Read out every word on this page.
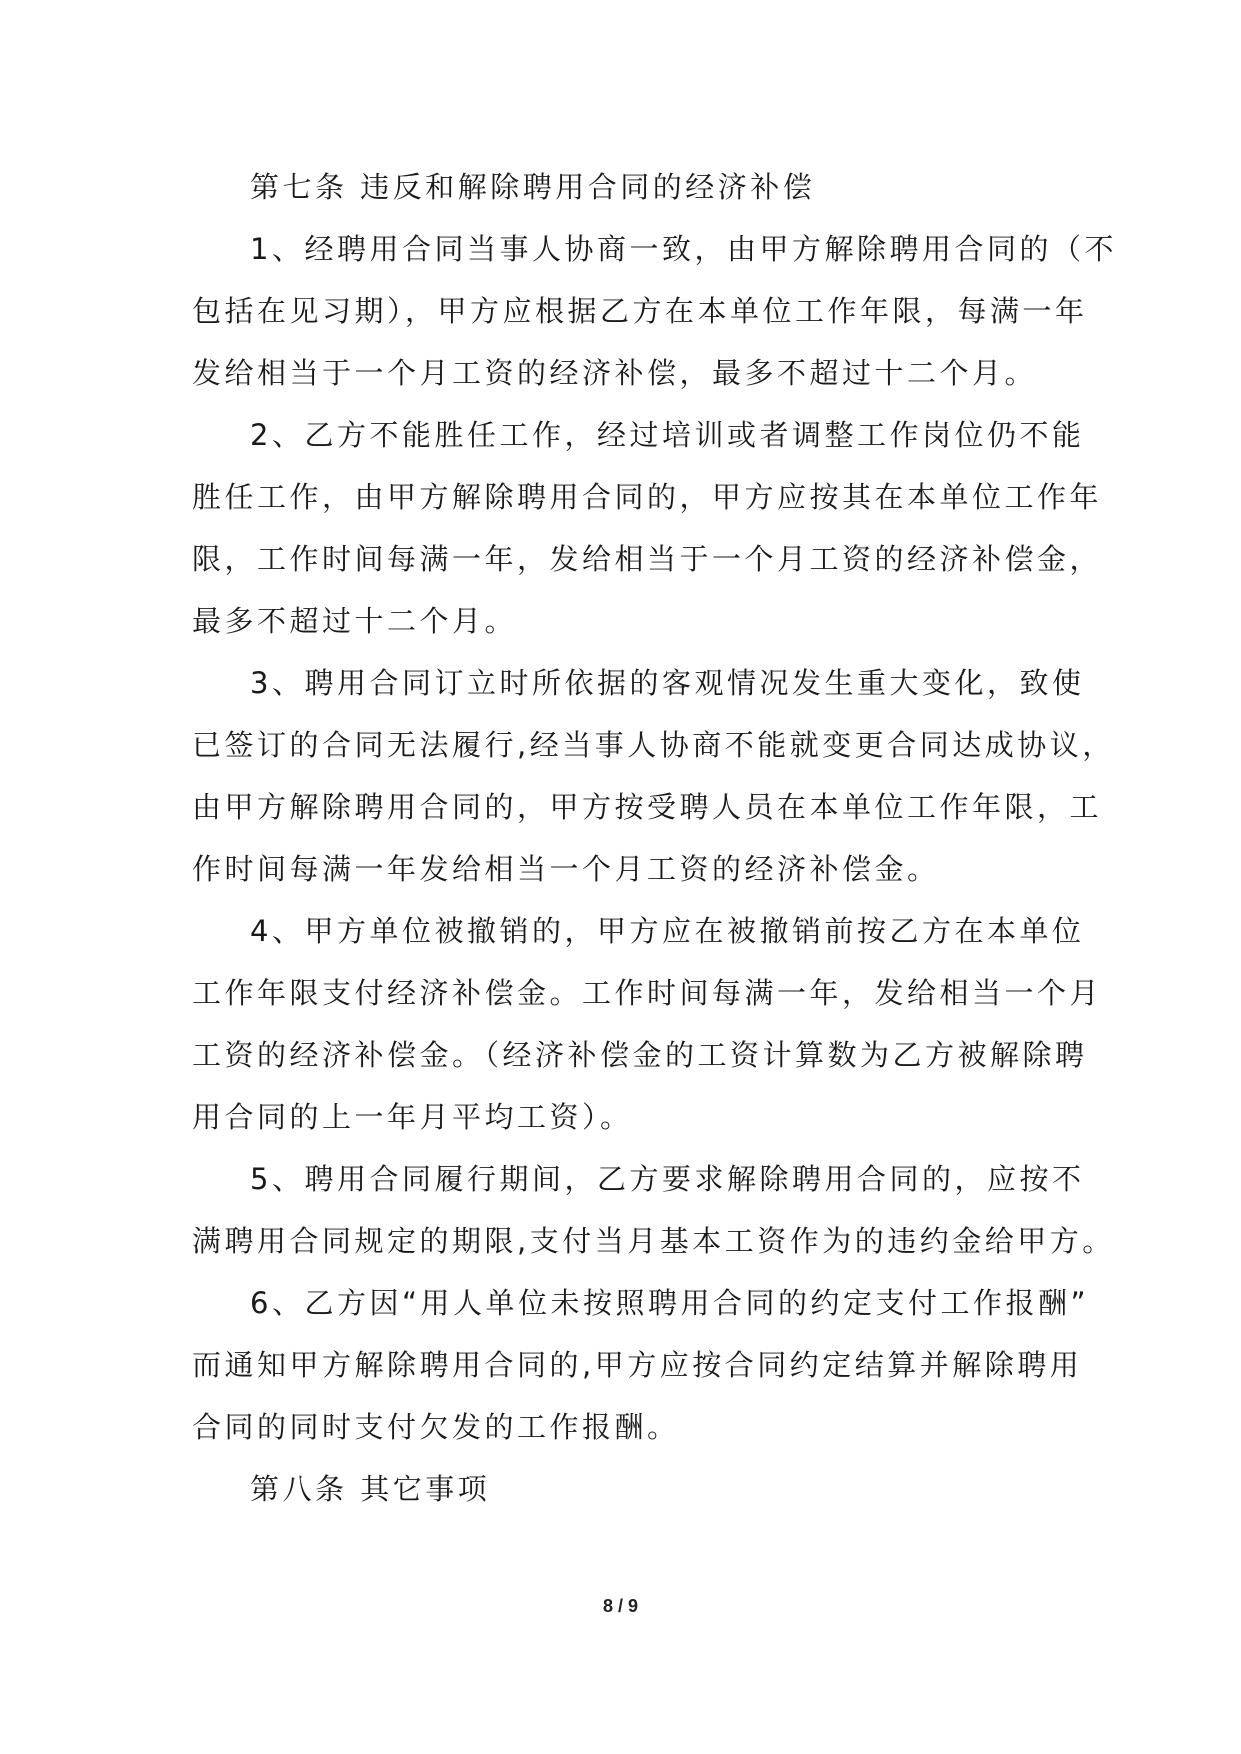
第七条 违反和解除聘用合同的经济补偿
1、经聘用合同当事人协商一致，由甲方解除聘用合同的（不
包括在见习期），甲方应根据乙方在本单位工作年限，每满一年
发给相当于一个月工资的经济补偿，最多不超过十二个月。
2、乙方不能胜任工作，经过培训或者调整工作岗位仍不能
胜任工作，由甲方解除聘用合同的，甲方应按其在本单位工作年
限，工作时间每满一年，发给相当于一个月工资的经济补偿金，
最多不超过十二个月。
3、聘用合同订立时所依据的客观情况发生重大变化，致使
已签订的合同无法履行,经当事人协商不能就变更合同达成协议，
由甲方解除聘用合同的，甲方按受聘人员在本单位工作年限，工
作时间每满一年发给相当一个月工资的经济补偿金。
4、甲方单位被撤销的，甲方应在被撤销前按乙方在本单位
工作年限支付经济补偿金。工作时间每满一年，发给相当一个月
工资的经济补偿金。（经济补偿金的工资计算数为乙方被解除聘
用合同的上一年月平均工资）。
5、聘用合同履行期间，乙方要求解除聘用合同的，应按不
满聘用合同规定的期限,支付当月基本工资作为的违约金给甲方。
6、乙方因“用人单位未按照聘用合同的约定支付工作报酬”
而通知甲方解除聘用合同的,甲方应按合同约定结算并解除聘用
合同的同时支付欠发的工作报酬。
第八条 其它事项
8 / 9
